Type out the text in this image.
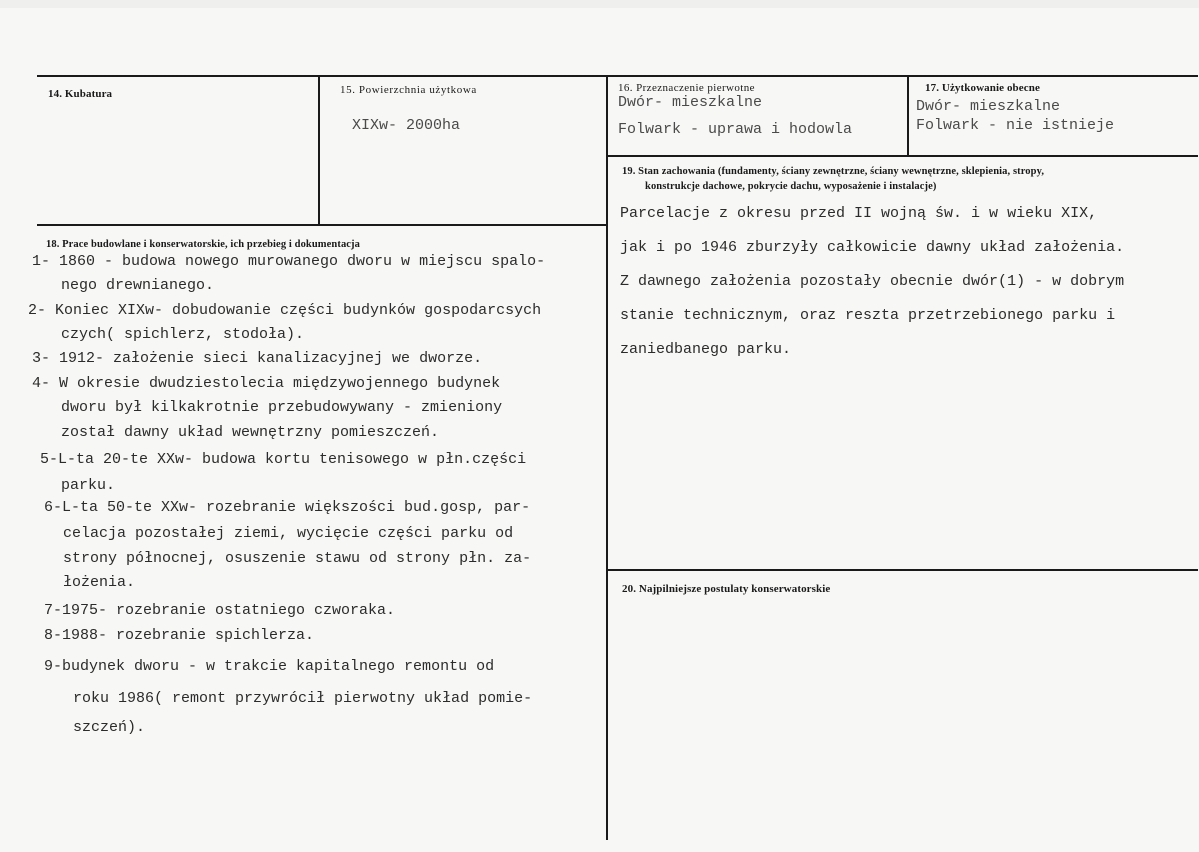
14. Kubatura	15. Powierzchnia użytkowa
XIXw- 2000ha
16. Przeznaczenie pierwotne
Dwór- mieszkalne
Folwark - uprawa i hodowla
17. Użytkowanie obecne
Dwór- mieszkalne
Folwark - nie istnieje
18. Prace budowlane i konserwatorskie, ich przebieg i dokumentacja
1- 1860 - budowa nowego murowanego dworu w miejscu spalo-
nego drewnianego.
2- Koniec XIXw- dobudowanie części budynków gospodarcsych
czych( spichlerz, stodoła).
3- 1912- założenie sieci kanalizacyjnej we dworze.
4- W okresie dwudziestolecia międzywojennego budynek
dworu był kilkakrotnie przebudowywany - zmieniony
został dawny układ wewnętrzny pomieszczeń.
5-L-ta 20-te XXw- budowa kortu tenisowego w płn.części
parku.
6-L-ta 50-te XXw- rozebranie większości bud.gosp, par-
celacja pozostałej ziemi, wycięcie części parku od
strony północnej, osuszenie stawu od strony płn. za-
łożenia.
7-1975- rozebranie ostatniego czworaka.
8-1988- rozebranie spichlerza.
9-budynek dworu - w trakcie kapitalnego remontu od
roku 1986( remont przywrócił pierwotny układ pomie-
szczeń).
19. Stan zachowania (fundamenty, ściany zewnętrzne, ściany wewnętrzne, sklepienia, stropy,
konstrukcje dachowe, pokrycie dachu, wyposażenie i instalacje)
Parcelacje z okresu przed II wojną św. i w wieku XIX,
jak i po 1946 zburzyły całkowicie dawny układ założenia.
Z dawnego założenia pozostały obecnie dwór(1) - w dobrym
stanie technicznym, oraz reszta przetrzebionego parku i
zaniedbanego parku.
20. Najpilniejsze postulaty konserwatorskie
